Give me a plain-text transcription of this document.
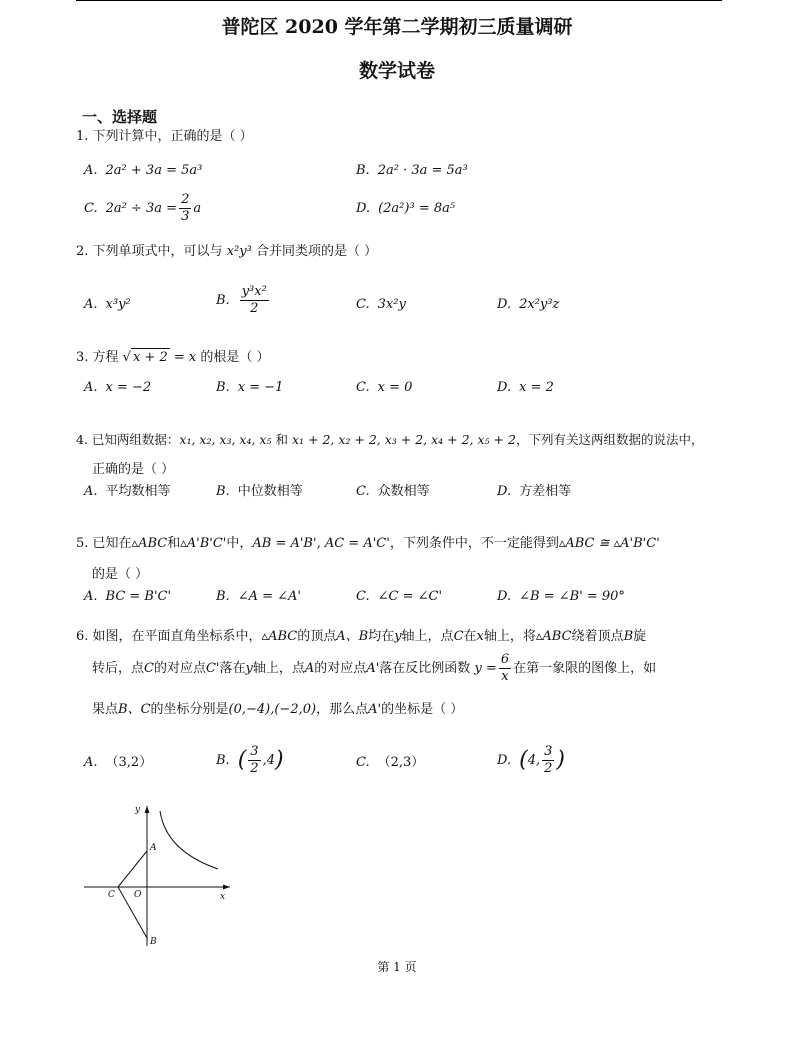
普陀区 2020 学年第二学期初三质量调研
数学试卷
一、选择题
1. 下列计算中，正确的是（ ）
A. 2a² + 3a = 5a³	B. 2a² · 3a = 5a³
C. $2a^2 \div 3a = \frac{2}{3}$ a	D. (2a²)³ = 8a⁵
2. 下列单项式中，可以与 x²y³ 合并同类项的是（ ）
A. x³y²	B. $\frac{\text{y³x²}}{2}$	C. 3x²y	D. 2x²y³z
3. 方程 √ x + 2 = x 的根是（ ）
A. x = −2	B. x = −1	C. x = 0	D. x = 2
4. 已知两组数据：x₁, x₂, x₃, x₄, x₅ 和 x₁ + 2, x₂ + 2, x₃ + 2, x₄ + 2, x₅ + 2，下列有关这两组数据的说法中，
正确的是（ ）
A. 平均数相等	B. 中位数相等	C. 众数相等	D. 方差相等
5. 已知在▵ABC和▵A'B'C'中，AB = A'B', AC = A'C'，下列条件中，不一定能得到▵ABC ≅ ▵A'B'C'
的是（ ）
A. BC = B'C'	B. ∠A = ∠A'	C. ∠C = ∠C'	D. ∠B = ∠B' = 90°
6. 如图，在平面直角坐标系中，▵ABC的顶点A、B均在y轴上，点C在x轴上，将▵ABC绕着顶点B旋
转后，点C的对应点C'落在y轴上，点A的对应点A'落在反比例函数 $y = \frac{6}{x}$ 在第一象限的图像上，如
果点B、C的坐标分别是(0,−4),(−2,0)，那么点A'的坐标是（ ）
A. （3,2）	B. ( $\frac{3}{2} ,4$)	C. （2,3）	D. (4, $\frac{3}{2}$ )
y
x
A
B
C O
第 1 页
